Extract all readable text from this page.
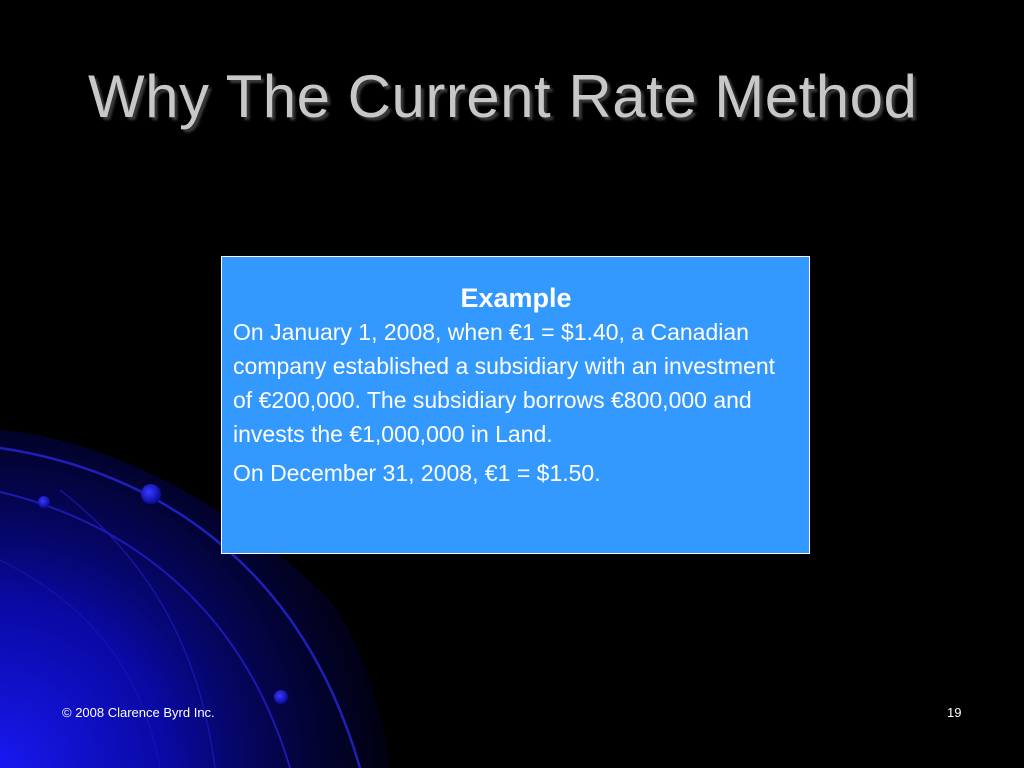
Why The Current Rate Method

Example

On January 1, 2008, when €1 = $1.40, a Canadian company established a subsidiary with an investment of €200,000. The subsidiary borrows €800,000 and invests the €1,000,000 in Land.

On December 31, 2008, €1 = $1.50.

© 2008 Clarence Byrd Inc.	19
